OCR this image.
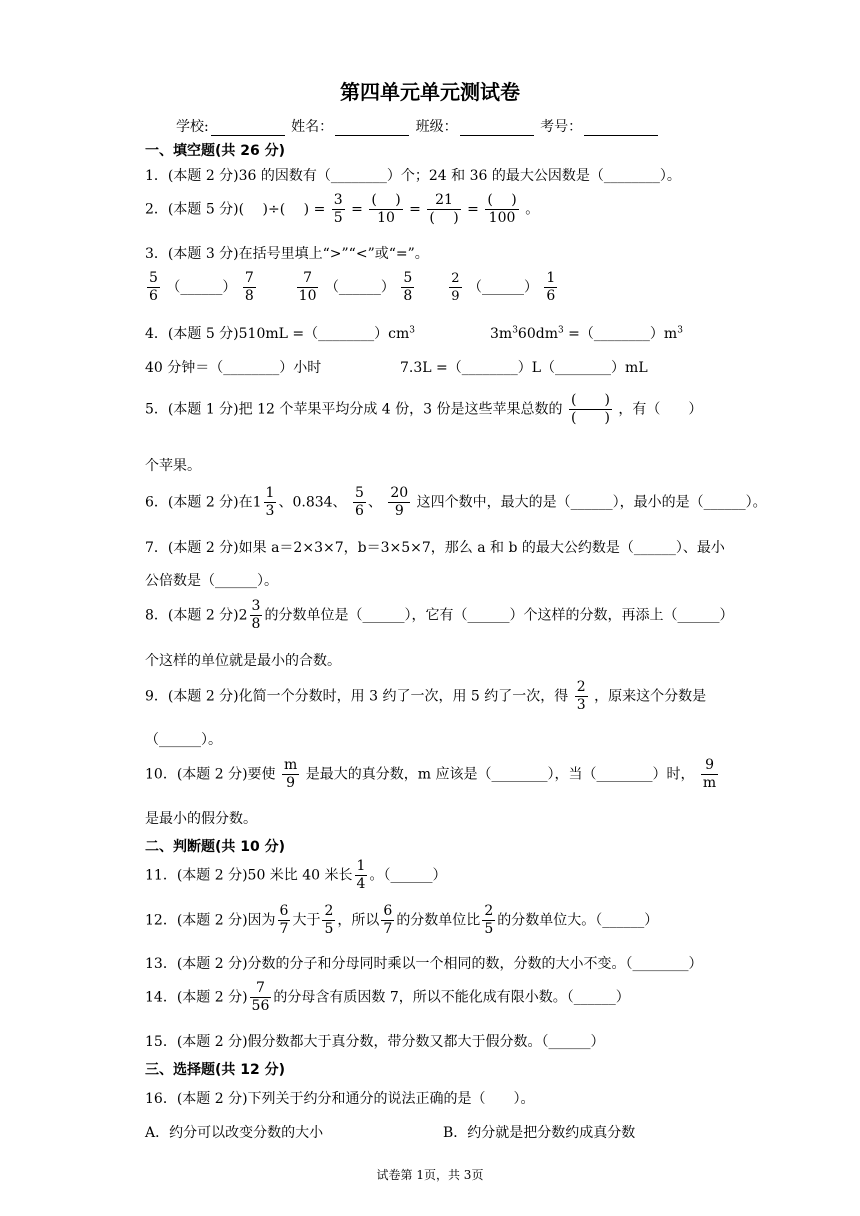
第四单元单元测试卷
学校:	姓名：	班级：	考号：
一、填空题(共 26 分)
1．(本题 2 分)36 的因数有（________）个；24 和 36 的最大公因数是（________）。
2．(本题 5 分)(　 )÷(　 ) = $\frac{3}{5} = \frac{( )}{10} = \frac{21}{( )} = \frac{( )}{100}$ 。
3．(本题 3 分)在括号里填上“>”“<”或“=”。
$\frac{5}{6}$ （______） $\frac{7}{8}$
	$\frac{7}{10}$ （______） $\frac{5}{8}$
	$\frac{2}{9}$ （______） $\frac{1}{6}$
4．(本题 5 分)$510mL =(\_\_\_\_\_\_\_\_)cm^3$	$3m^360dm^3$ $=(\_\_\_\_\_\_\_\_)m^3$
40 分钟＝（________）小时	7.3L =（________）L（________）mL
5．(本题 1 分)把 12 个苹果平均分成 4 份，3 份是这些苹果总数的 $\frac{( )}{( )}$ ，有（　　）
个苹果。
6．(本题 2 分)在$1 \frac{1}{3}$ 、0.834、 $\frac{5}{6}$ 、 $\frac{20}{9}$ 这四个数中，最大的是（______），最小的是（______）。
7．(本题 2 分)如果 a＝2×3×7，b＝3×5×7，那么 a 和 b 的最大公约数是（______）、最小
公倍数是（______）。
8．(本题 2 分)$2 \frac{3}{8}$ 的分数单位是（______），它有（______）个这样的分数，再添上（______）
个这样的单位就是最小的合数。
9．(本题 2 分)化简一个分数时，用 3 约了一次，用 5 约了一次，得 $\frac{2}{3}$ ，原来这个分数是
（______）。
10．(本题 2 分)要使 $\frac{m}{9}$ 是最大的真分数，m 应该是（________），当（________）时， $\frac{9}{m}$
是最小的假分数。
二、判断题(共 10 分)
11．(本题 2 分)50 米比 40 米长 $\frac{1}{4}$ 。（______）
12．(本题 2 分)因为 $\frac{6}{7}$ 大于 $\frac{2}{5}$ ，所以 $\frac{6}{7}$ 的分数单位比 $\frac{2}{5}$ 的分数单位大。（______）
13．(本题 2 分)分数的分子和分母同时乘以一个相同的数，分数的大小不变。（________）
14．(本题 2 分) $\frac{7}{56}$ 的分母含有质因数 7，所以不能化成有限小数。（______）
15．(本题 2 分)假分数都大于真分数，带分数又都大于假分数。（______）
三、选择题(共 12 分)
16．(本题 2 分)下列关于约分和通分的说法正确的是（　　）。
A．约分可以改变分数的大小	B．约分就是把分数约成真分数
试卷第 1页，共 3页
